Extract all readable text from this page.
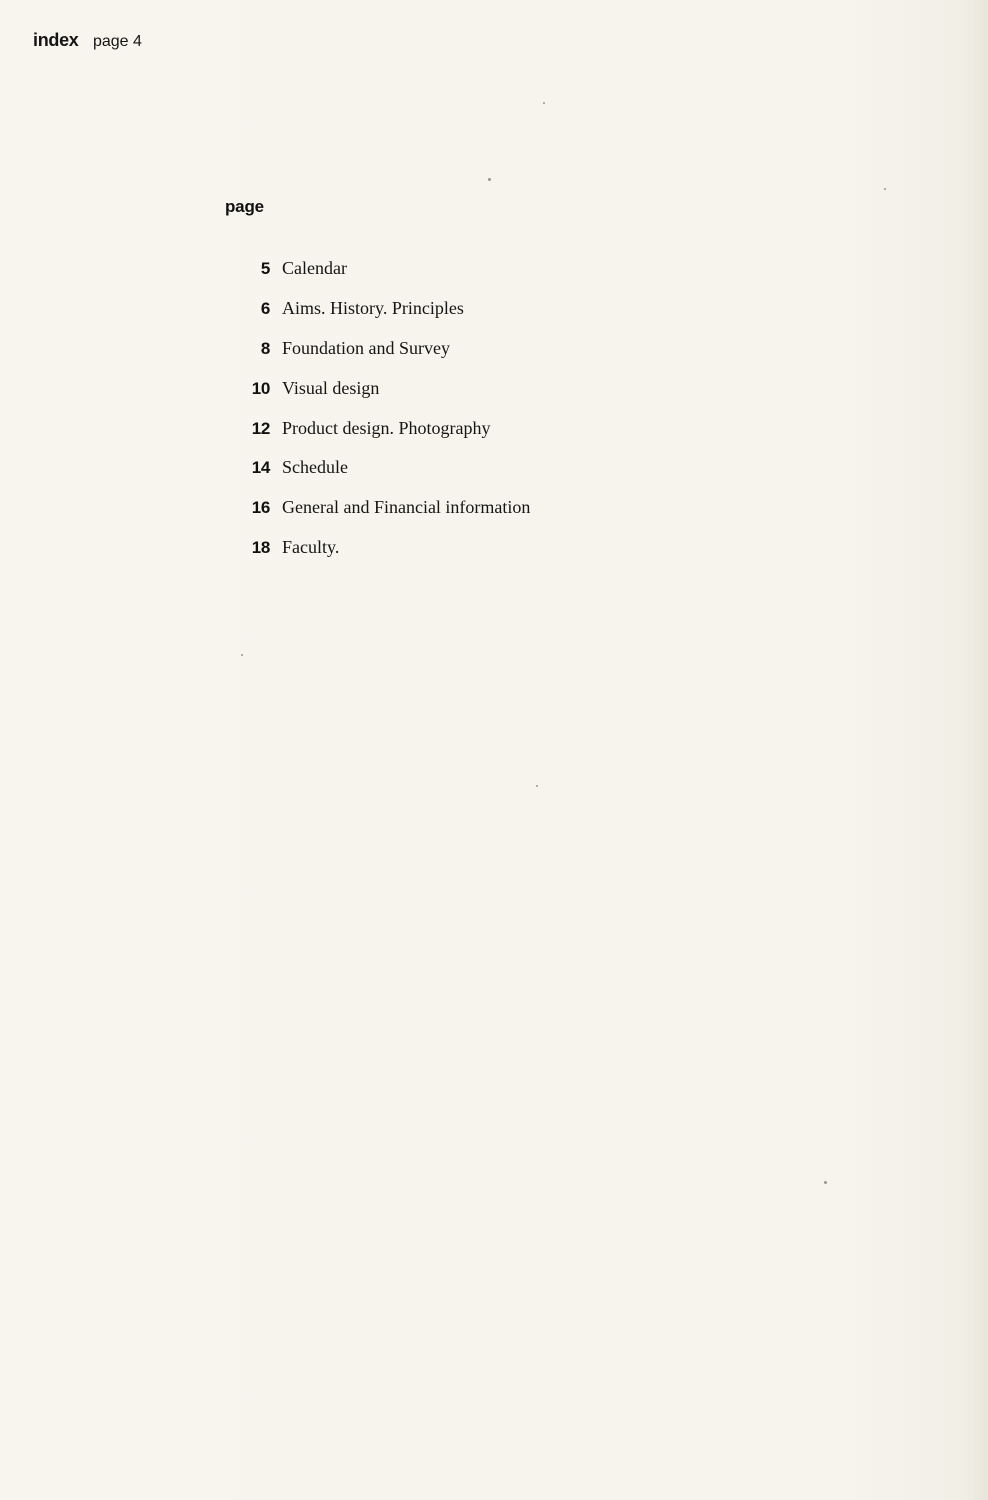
index page 4
page
5 Calendar
6 Aims. History. Principles
8 Foundation and Survey
10 Visual design
12 Product design. Photography
14 Schedule
16 General and Financial information
18 Faculty.
